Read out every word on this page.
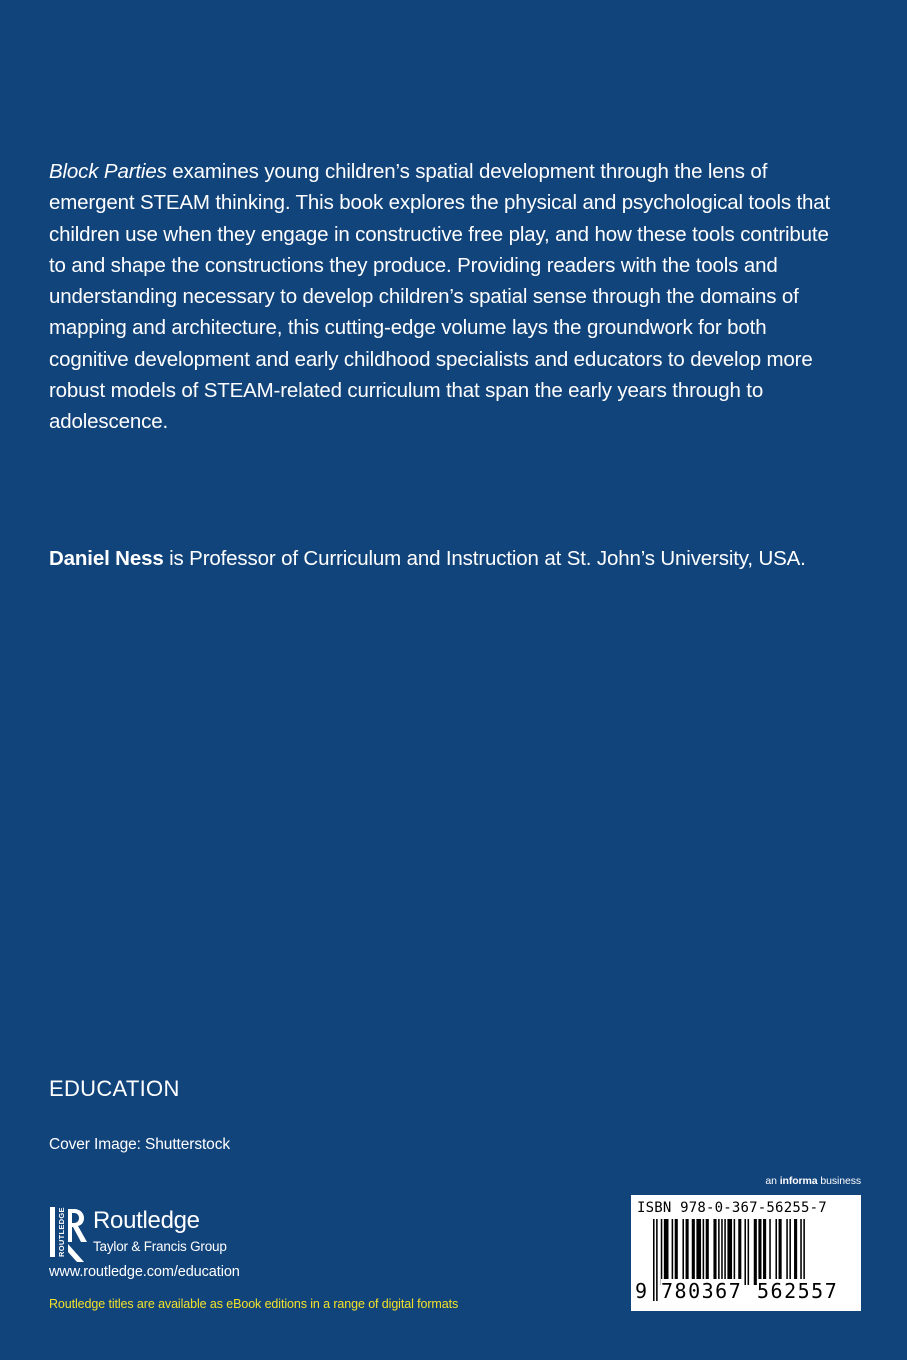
Block Parties examines young children’s spatial development through the lens of emergent STEAM thinking. This book explores the physical and psychological tools that children use when they engage in constructive free play, and how these tools contribute to and shape the constructions they produce. Providing readers with the tools and understanding necessary to develop children’s spatial sense through the domains of mapping and architecture, this cutting-edge volume lays the groundwork for both cognitive development and early childhood specialists and educators to develop more robust models of STEAM-related curriculum that span the early years through to adolescence.

Daniel Ness is Professor of Curriculum and Instruction at St. John’s University, USA.

EDUCATION

Cover Image: Shutterstock

ROUTLEDGE Routledge
Taylor & Francis Group

www.routledge.com/education

Routledge titles are available as eBook editions in a range of digital formats

an informa business
ISBN 978-0-367-56255-7
9 780367 562557
